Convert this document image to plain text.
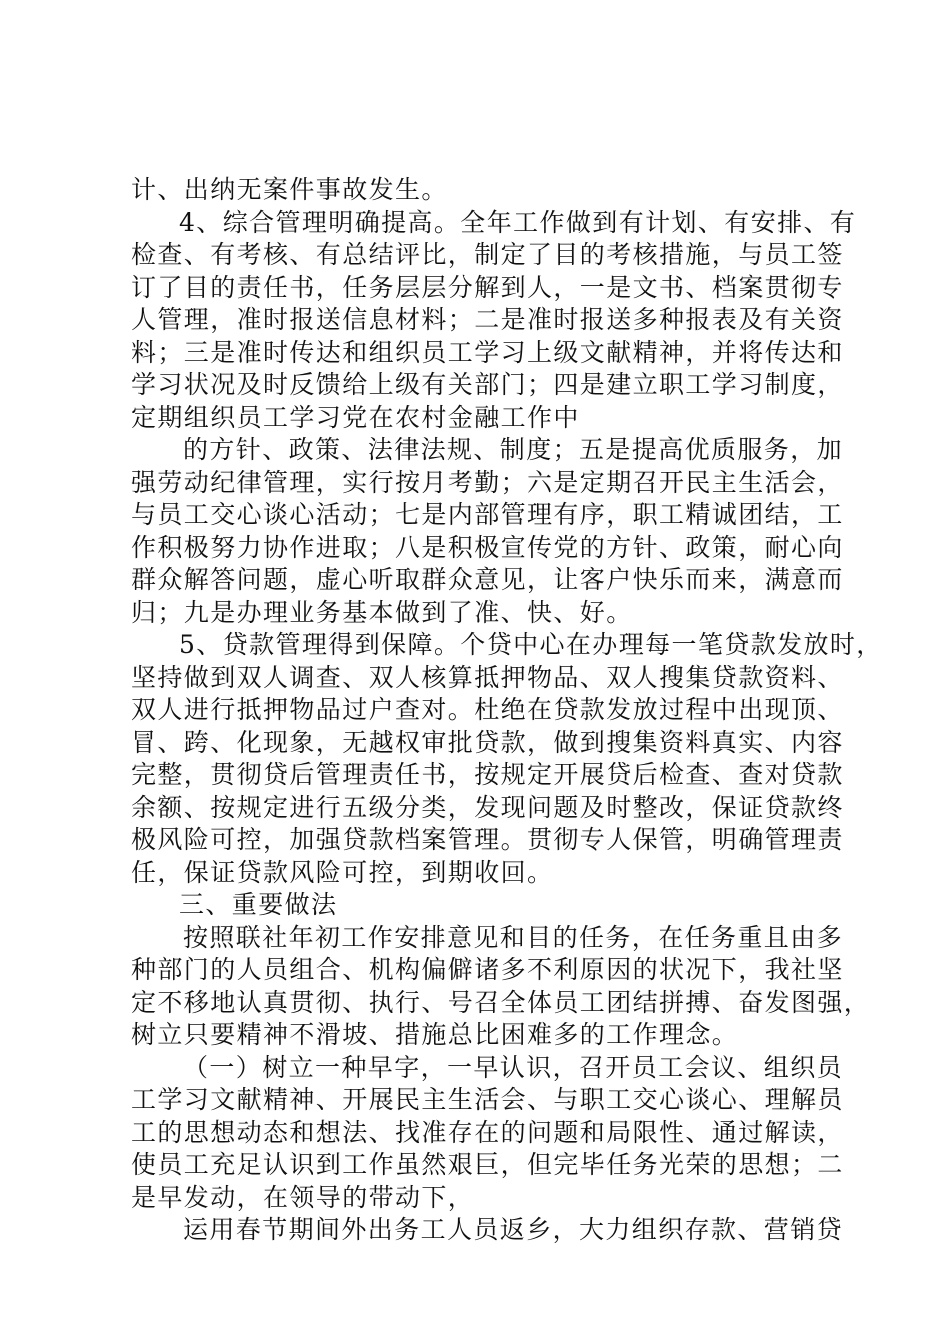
计、出纳无案件事故发生。
4、综合管理明确提高。全年工作做到有计划、有安排、有
检查、有考核、有总结评比，制定了目的考核措施，与员工签
订了目的责任书，任务层层分解到人，一是文书、档案贯彻专
人管理，准时报送信息材料；二是准时报送多种报表及有关资
料；三是准时传达和组织员工学习上级文献精神，并将传达和
学习状况及时反馈给上级有关部门；四是建立职工学习制度，
定期组织员工学习党在农村金融工作中
的方针、政策、法律法规、制度；五是提高优质服务，加
强劳动纪律管理，实行按月考勤；六是定期召开民主生活会，
与员工交心谈心活动；七是内部管理有序，职工精诚团结，工
作积极努力协作进取；八是积极宣传党的方针、政策，耐心向
群众解答问题，虚心听取群众意见，让客户快乐而来，满意而
归；九是办理业务基本做到了准、快、好。
5、贷款管理得到保障。个贷中心在办理每一笔贷款发放时，
坚持做到双人调查、双人核算抵押物品、双人搜集贷款资料、
双人进行抵押物品过户查对。杜绝在贷款发放过程中出现顶、
冒、跨、化现象，无越权审批贷款，做到搜集资料真实、内容
完整，贯彻贷后管理责任书，按规定开展贷后检查、查对贷款
余额、按规定进行五级分类，发现问题及时整改，保证贷款终
极风险可控，加强贷款档案管理。贯彻专人保管，明确管理责
任，保证贷款风险可控，到期收回。
三、重要做法
按照联社年初工作安排意见和目的任务，在任务重且由多
种部门的人员组合、机构偏僻诸多不利原因的状况下，我社坚
定不移地认真贯彻、执行、号召全体员工团结拼搏、奋发图强，
树立只要精神不滑坡、措施总比困难多的工作理念。
（一）树立一种早字，一早认识，召开员工会议、组织员
工学习文献精神、开展民主生活会、与职工交心谈心、理解员
工的思想动态和想法、找准存在的问题和局限性、通过解读，
使员工充足认识到工作虽然艰巨，但完毕任务光荣的思想；二
是早发动，在领导的带动下，
运用春节期间外出务工人员返乡，大力组织存款、营销贷
